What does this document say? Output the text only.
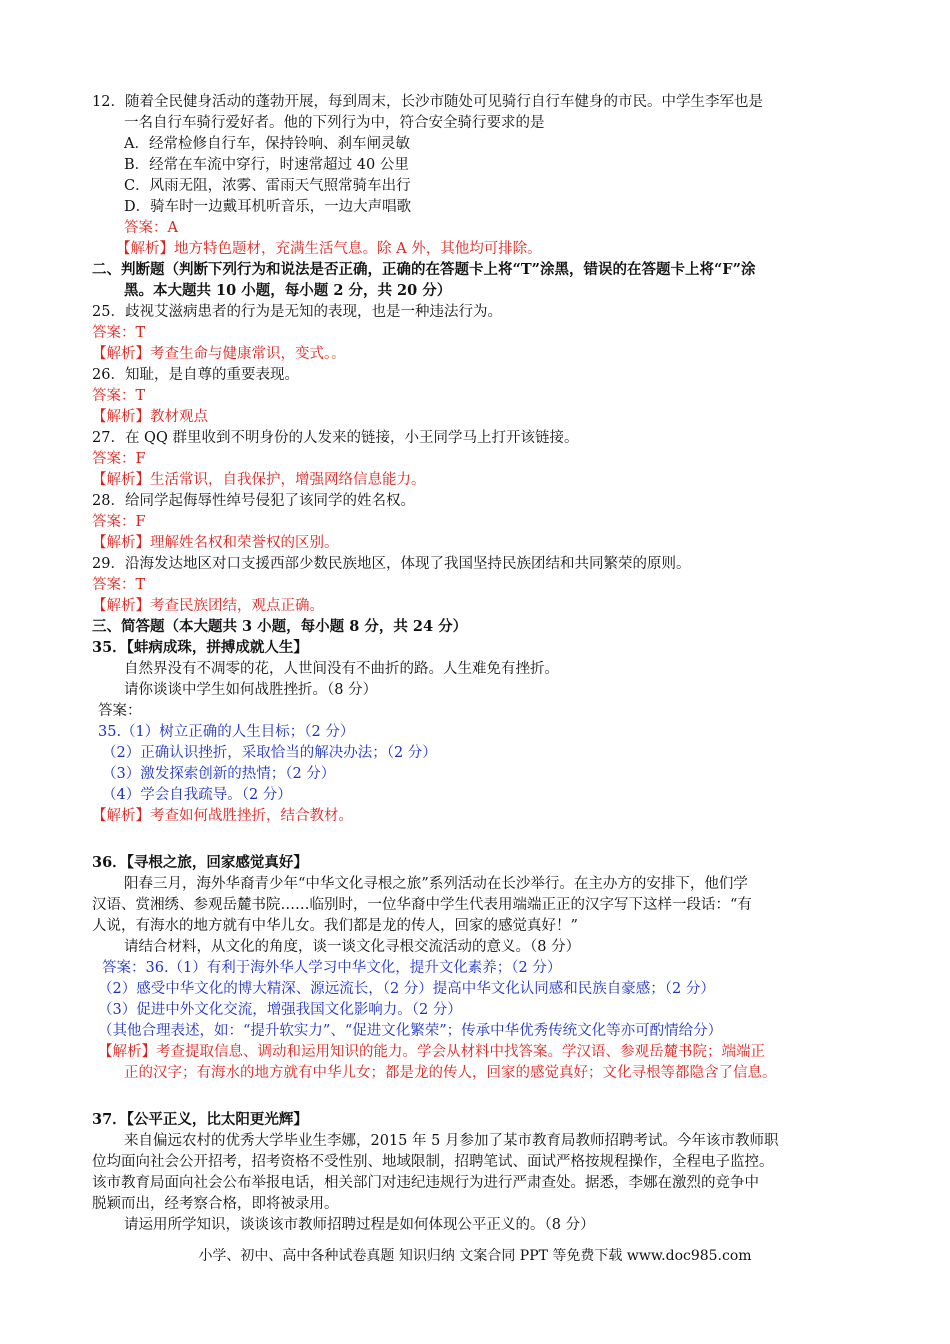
12．随着全民健身活动的蓬勃开展，每到周末，长沙市随处可见骑行自行车健身的市民。中学生李军也是
一名自行车骑行爱好者。他的下列行为中，符合安全骑行要求的是
A．经常检修自行车，保持铃响、刹车闸灵敏
B．经常在车流中穿行，时速常超过 40 公里
C．风雨无阻，浓雾、雷雨天气照常骑车出行
D．骑车时一边戴耳机听音乐，一边大声唱歌
答案：A
【解析】地方特色题材，充满生活气息。除 A 外，其他均可排除。
二、判断题（判断下列行为和说法是否正确，正确的在答题卡上将“T”涂黑，错误的在答题卡上将“F”涂
黑。本大题共 10 小题，每小题 2 分，共 20 分）
25．歧视艾滋病患者的行为是无知的表现，也是一种违法行为。
答案：T
【解析】考查生命与健康常识，变式。。
26．知耻，是自尊的重要表现。
答案：T
【解析】教材观点
27．在 QQ 群里收到不明身份的人发来的链接，小王同学马上打开该链接。
答案：F
【解析】生活常识，自我保护，增强网络信息能力。
28．给同学起侮辱性绰号侵犯了该同学的姓名权。
答案：F
【解析】理解姓名权和荣誉权的区别。
29．沿海发达地区对口支援西部少数民族地区，体现了我国坚持民族团结和共同繁荣的原则。
答案：T
【解析】考查民族团结，观点正确。
三、简答题（本大题共 3 小题，每小题 8 分，共 24 分）
35．【蚌病成珠，拼搏成就人生】
自然界没有不凋零的花，人世间没有不曲折的路。人生难免有挫折。
请你谈谈中学生如何战胜挫折。（8 分）
答案：
35.（1）树立正确的人生目标；（2 分）
（2）正确认识挫折，采取恰当的解决办法；（2 分）
（3）激发探索创新的热情；（2 分）
（4）学会自我疏导。（2 分）
【解析】考查如何战胜挫折，结合教材。
36．【寻根之旅，回家感觉真好】
阳春三月，海外华裔青少年“中华文化寻根之旅”系列活动在长沙举行。在主办方的安排下，他们学
汉语、赏湘绣、参观岳麓书院……临别时，一位华裔中学生代表用端端正正的汉字写下这样一段话：“有
人说，有海水的地方就有中华儿女。我们都是龙的传人，回家的感觉真好！”
请结合材料，从文化的角度，谈一谈文化寻根交流活动的意义。（8 分）
答案：36.（1）有利于海外华人学习中华文化，提升文化素养；（2 分）
（2）感受中华文化的博大精深、源远流长，（2 分）提高中华文化认同感和民族自豪感；（2 分）
（3）促进中外文化交流，增强我国文化影响力。（2 分）
（其他合理表述，如：“提升软实力”、“促进文化繁荣”；传承中华优秀传统文化等亦可酌情给分）
【解析】考查提取信息、调动和运用知识的能力。学会从材料中找答案。学汉语、参观岳麓书院；端端正
正的汉字；有海水的地方就有中华儿女；都是龙的传人，回家的感觉真好；文化寻根等都隐含了信息。
37．【公平正义，比太阳更光辉】
来自偏远农村的优秀大学毕业生李娜，2015 年 5 月参加了某市教育局教师招聘考试。今年该市教师职
位均面向社会公开招考，招考资格不受性别、地域限制，招聘笔试、面试严格按规程操作，全程电子监控。
该市教育局面向社会公布举报电话，相关部门对违纪违规行为进行严肃查处。据悉，李娜在激烈的竞争中
脱颖而出，经考察合格，即将被录用。
请运用所学知识，谈谈该市教师招聘过程是如何体现公平正义的。（8 分）
小学、初中、高中各种试卷真题 知识归纳 文案合同 PPT 等免费下载 www.doc985.com
